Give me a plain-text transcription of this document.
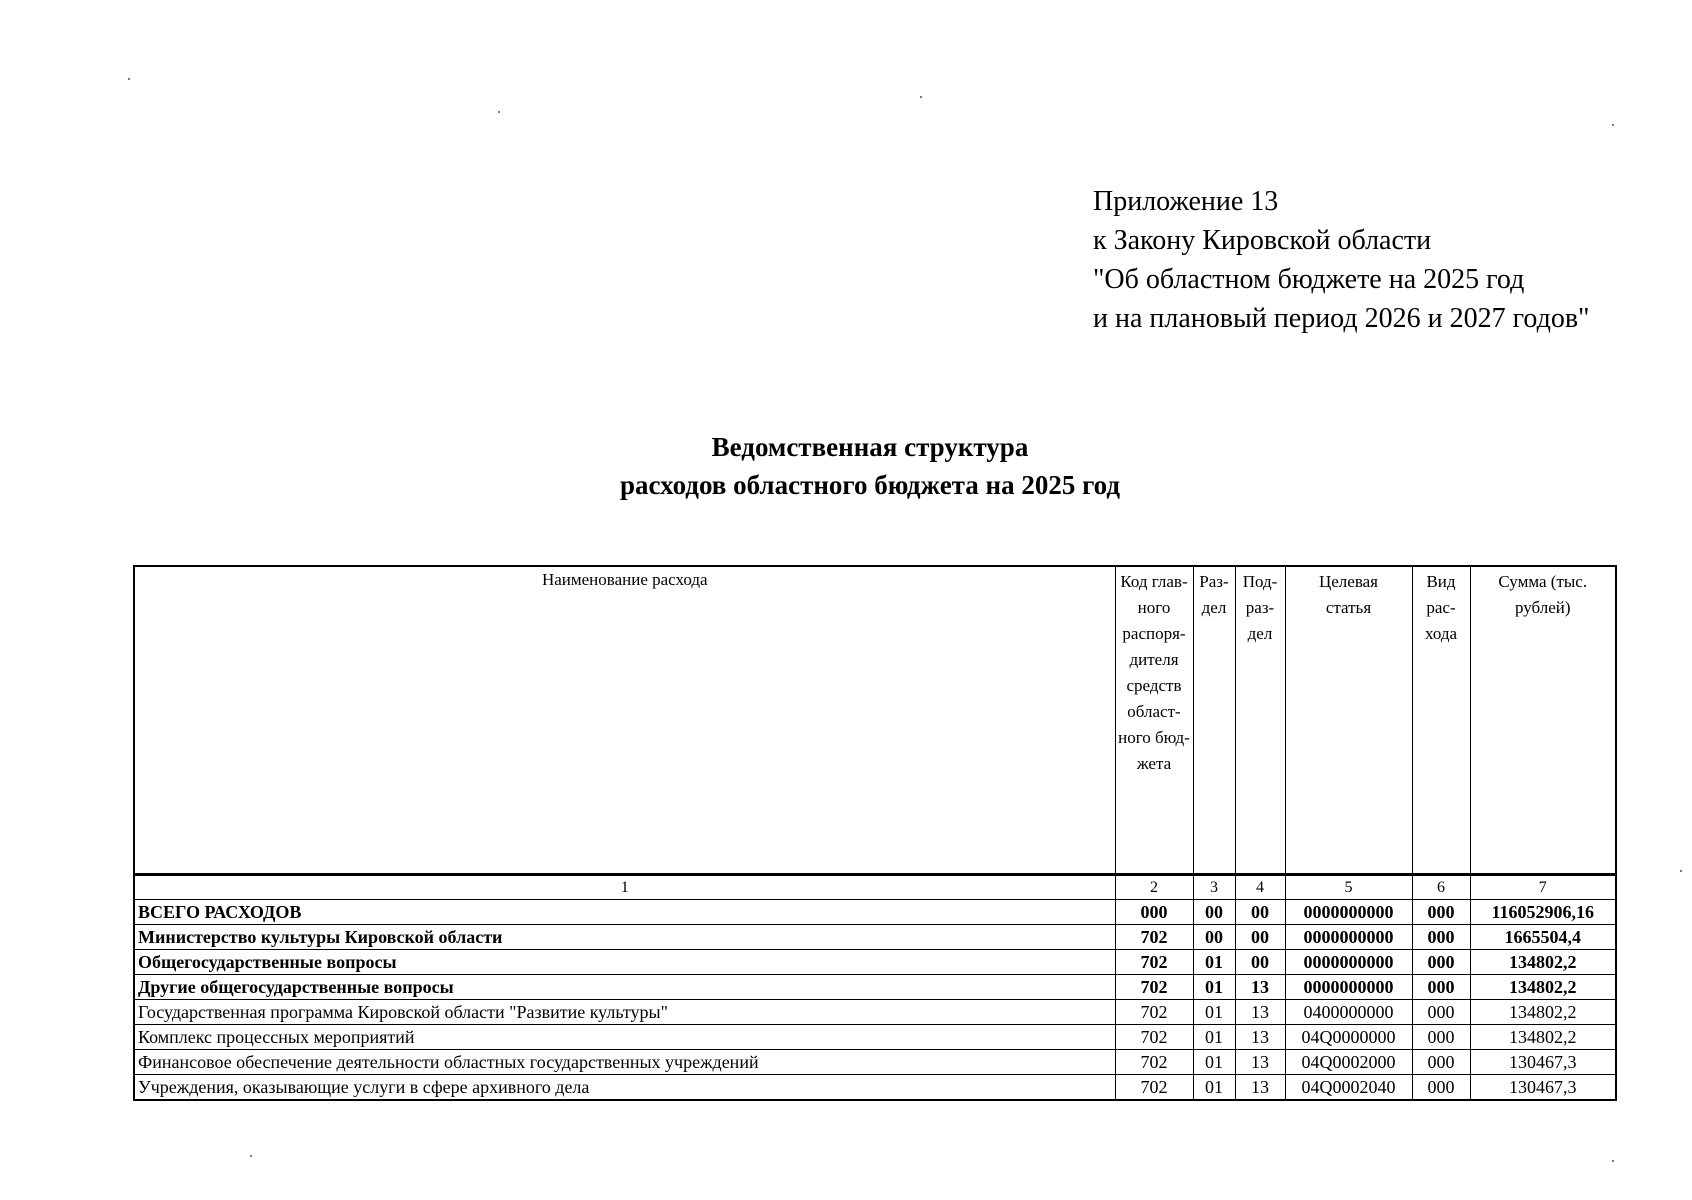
Приложение 13
к Закону Кировской области
"Об областном бюджете на 2025 год
и на плановый период 2026 и 2027 годов"
Ведомственная структура
расходов областного бюджета на 2025 год
Наименование расхода	Код глав-ного распоря-дителя средств област-ного бюд-жета	Раз-дел	Под-раз-дел	Целевая статья	Вид рас-хода	Сумма (тыс. рублей)
1	2	3	4	5	6	7
ВСЕГО РАСХОДОВ	000	00	00	0000000000	000	116052906,16
Министерство культуры Кировской области	702	00	00	0000000000	000	1665504,4
Общегосударственные вопросы	702	01	00	0000000000	000	134802,2
Другие общегосударственные вопросы	702	01	13	0000000000	000	134802,2
Государственная программа Кировской области "Развитие культуры"	702	01	13	0400000000	000	134802,2
Комплекс процессных мероприятий	702	01	13	04Q0000000	000	134802,2
Финансовое обеспечение деятельности областных государственных учреждений	702	01	13	04Q0002000	000	130467,3
Учреждения, оказывающие услуги в сфере архивного дела	702	01	13	04Q0002040	000	130467,3
